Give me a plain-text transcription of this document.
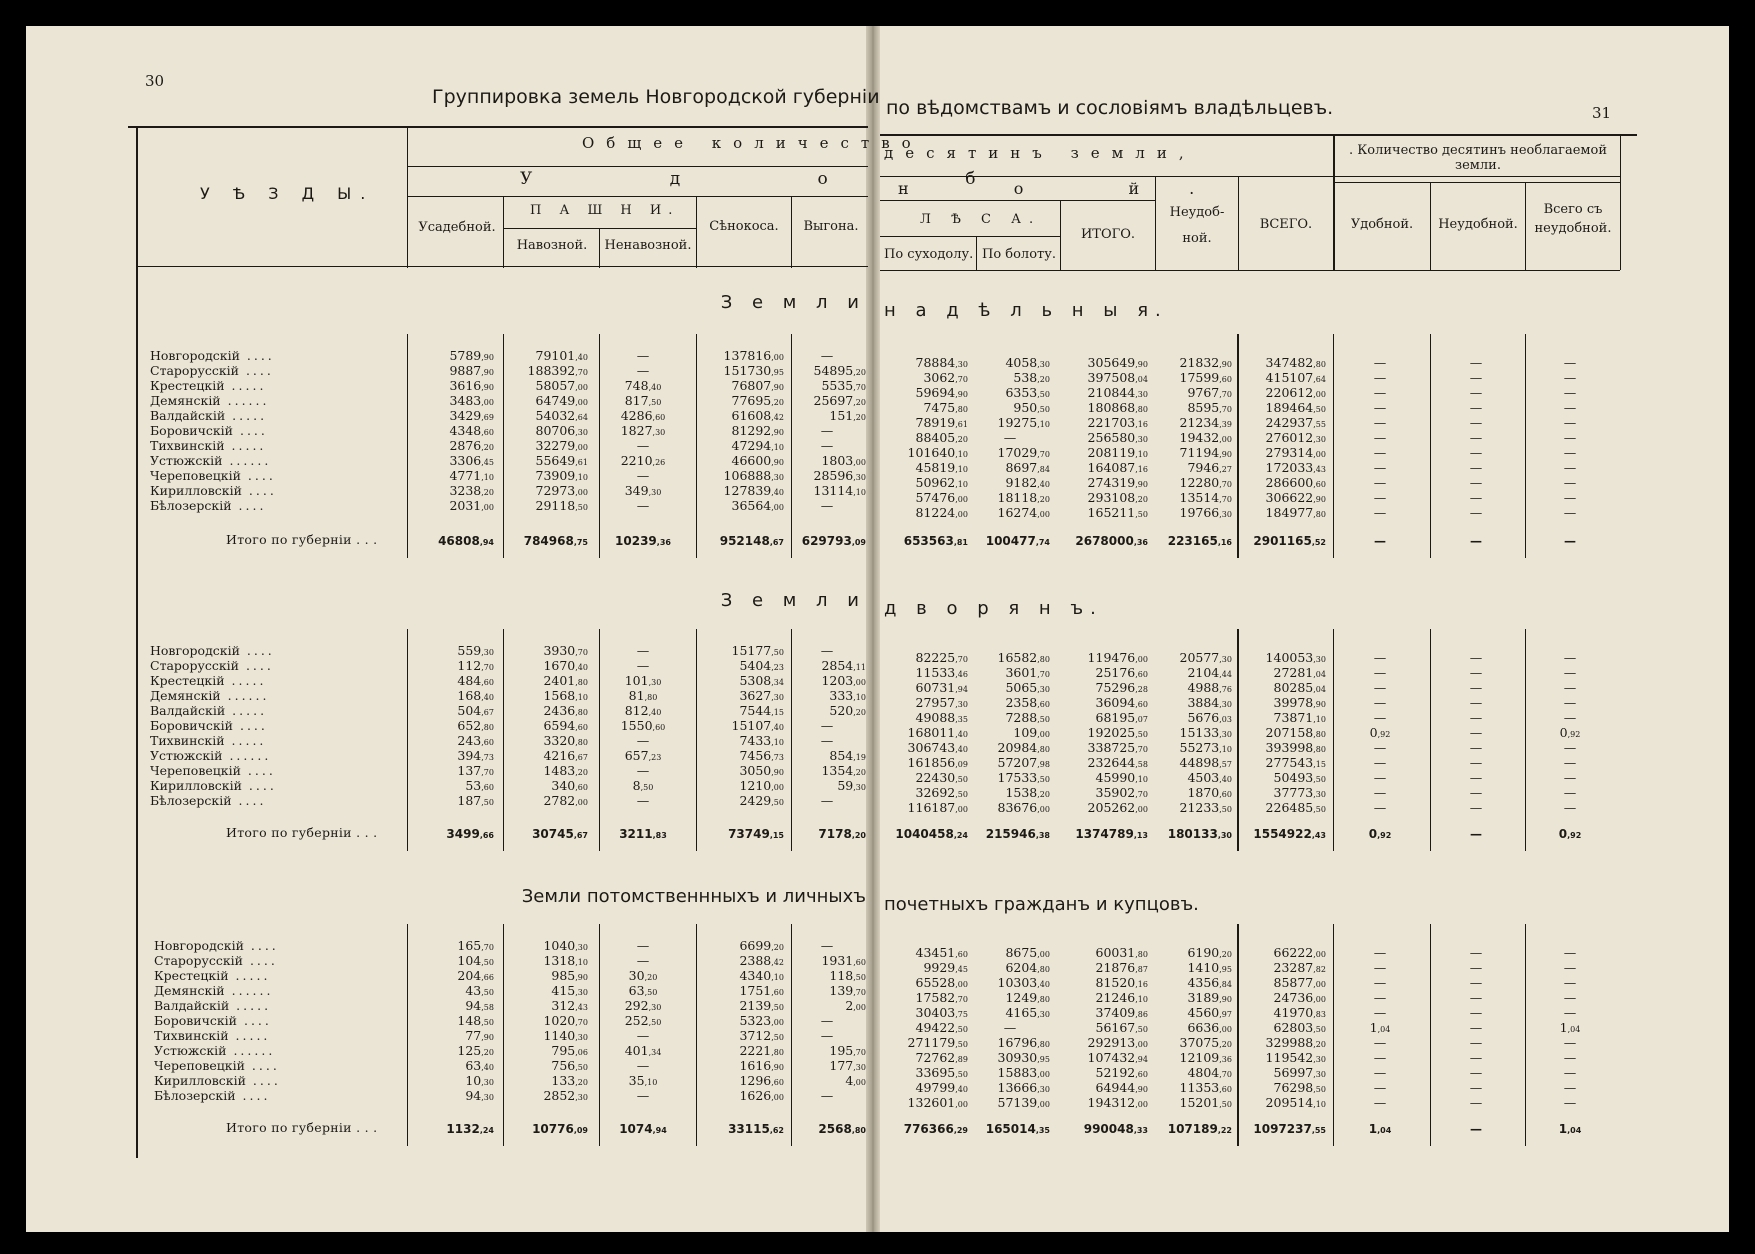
30
Группировка земель Новгородской губерніи по вѣдомствамъ и сословіямъ владѣльцевъ.	31
У Ѣ З Д Ы.
Общее количество
десятинъ земли,
У д о б
н о й.
Усадебной.
П А Ш Н И.
Навозной.	Ненавозной.
Сѣнокоса.	Выгона.	Л Ѣ С А.
По суходолу. По болоту.
ИТОГО.
Неудоб-ной.
ВСЕГО.
. Количество десятинъ необлагаемой земли.
Удобной.	Неудобной.
Всего съ неудобной.
З е м л и н а д ѣ л ь н ы я.
Новгородскій ....	5789,90	79101,40	—	137816,00	—	78884,30	4058,30	305649,90	21832,90	347482,80	—	—	—
Старорусскій ....	9887,90	188392,70	—	151730,95	54895,20	3062,70	538,20	397508,04	17599,60	415107,64	—	—	—
Крестецкій .....	3616,90	58057,00	748,40	76807,90	5535,70	59694,90	6353,50	210844,30	9767,70	220612,00	—	—	—
Демянскій ......	3483,00	64749,00	817,50	77695,20	25697,20	7475,80	950,50	180868,80	8595,70	189464,50	—	—	—
Валдайскій .....	3429,69	54032,64	4286,60	61608,42	151,20	78919,61	19275,10	221703,16	21234,39	242937,55	—	—	—
Боровичскій ....	4348,60	80706,30	1827,30	81292,90	—	88405,20	—	256580,30	19432,00	276012,30	—	—	—
Тихвинскій .....	2876,20	32279,00	—	47294,10	—	101640,10	17029,70	208119,10	71194,90	279314,00	—	—	—
Устюжскій ......	3306,45	55649,61	2210,26	46600,90	1803,00	45819,10	8697,84	164087,16	7946,27	172033,43	—	—	—
Череповецкій ....	4771,10	73909,10	—	106888,30	28596,30	50962,10	9182,40	274319,90	12280,70	286600,60	—	—	—
Кирилловскій ....	3238,20	72973,00	349,30	127839,40	13114,10	57476,00	18118,20	293108,20	13514,70	306622,90	—	—	—
Бѣлозерскій ....	2031,00	29118,50	—	36564,00	—	81224,00	16274,00	165211,50	19766,30	184977,80	—	—	—
Итого по губерніи . . .	46808,94	784968,75	10239,36	952148,67	629793,09	653563,81	100477,74	2678000,36	223165,16	2901165,52	—	—	—
З е м л и д в о р я н ъ.
Новгородскій ....	559,30	3930,70	—	15177,50	—	82225,70	16582,80	119476,00	20577,30	140053,30	—	—	—
Старорусскій ....	112,70	1670,40	—	5404,23	2854,11	11533,46	3601,70	25176,60	2104,44	27281,04	—	—	—
Крестецкій .....	484,60	2401,80	101,30	5308,34	1203,00	60731,94	5065,30	75296,28	4988,76	80285,04	—	—	—
Демянскій ......	168,40	1568,10	81,80	3627,30	333,10	27957,30	2358,60	36094,60	3884,30	39978,90	—	—	—
Валдайскій .....	504,67	2436,80	812,40	7544,15	520,20	49088,35	7288,50	68195,07	5676,03	73871,10	—	—	—
Боровичскій ....	652,80	6594,60	1550,60	15107,40	—	168011,40	109,00	192025,50	15133,30	207158,80	0,92	—	0,92
Тихвинскій .....	243,60	3320,80	—	7433,10	—	306743,40	20984,80	338725,70	55273,10	393998,80	—	—	—
Устюжскій ......	394,73	4216,67	657,23	7456,73	854,19	161856,09	57207,98	232644,58	44898,57	277543,15	—	—	—
Череповецкій ....	137,70	1483,20	—	3050,90	1354,20	22430,50	17533,50	45990,10	4503,40	50493,50	—	—	—
Кирилловскій ....	53,60	340,60	8,50	1210,00	59,30	32692,50	1538,20	35902,70	1870,60	37773,30	—	—	—
Бѣлозерскій ....	187,50	2782,00	—	2429,50	—	116187,00	83676,00	205262,00	21233,50	226485,50	—	—	—
Итого по губерніи . . .	3499,66	30745,67	3211,83	73749,15	7178,20	1040458,24	215946,38	1374789,13	180133,30	1554922,43	0,92	—	0,92
Земли потомственнныхъ и личныхъ почетныхъ гражданъ и купцовъ.
Новгородскій ....	165,70	1040,30	—	6699,20	—	43451,60	8675,00	60031,80	6190,20	66222,00	—	—	—
Старорусскій ....	104,50	1318,10	—	2388,42	1931,60	9929,45	6204,80	21876,87	1410,95	23287,82	—	—	—
Крестецкій .....	204,66	985,90	30,20	4340,10	118,50	65528,00	10303,40	81520,16	4356,84	85877,00	—	—	—
Демянскій ......	43,50	415,30	63,50	1751,60	139,70	17582,70	1249,80	21246,10	3189,90	24736,00	—	—	—
Валдайскій .....	94,58	312,43	292,30	2139,50	2,00	30403,75	4165,30	37409,86	4560,97	41970,83	—	—	—
Боровичскій ....	148,50	1020,70	252,50	5323,00	—	49422,50	—	56167,50	6636,00	62803,50	1,04	—	1,04
Тихвинскій .....	77,90	1140,30	—	3712,50	—	271179,50	16796,80	292913,00	37075,20	329988,20	—	—	—
Устюжскій ......	125,20	795,06	401,34	2221,80	195,70	72762,89	30930,95	107432,94	12109,36	119542,30	—	—	—
Череповецкій ....	63,40	756,50	—	1616,90	177,30	33695,50	15883,00	52192,60	4804,70	56997,30	—	—	—
Кирилловскій ....	10,30	133,20	35,10	1296,60	4,00	49799,40	13666,30	64944,90	11353,60	76298,50	—	—	—
Бѣлозерскій ....	94,30	2852,30	—	1626,00	—	132601,00	57139,00	194312,00	15201,50	209514,10	—	—	—
Итого по губерніи . . .	1132,24	10776,09	1074,94	33115,62	2568,80	776366,29	165014,35	990048,33	107189,22	1097237,55	1,04	—	1,04
